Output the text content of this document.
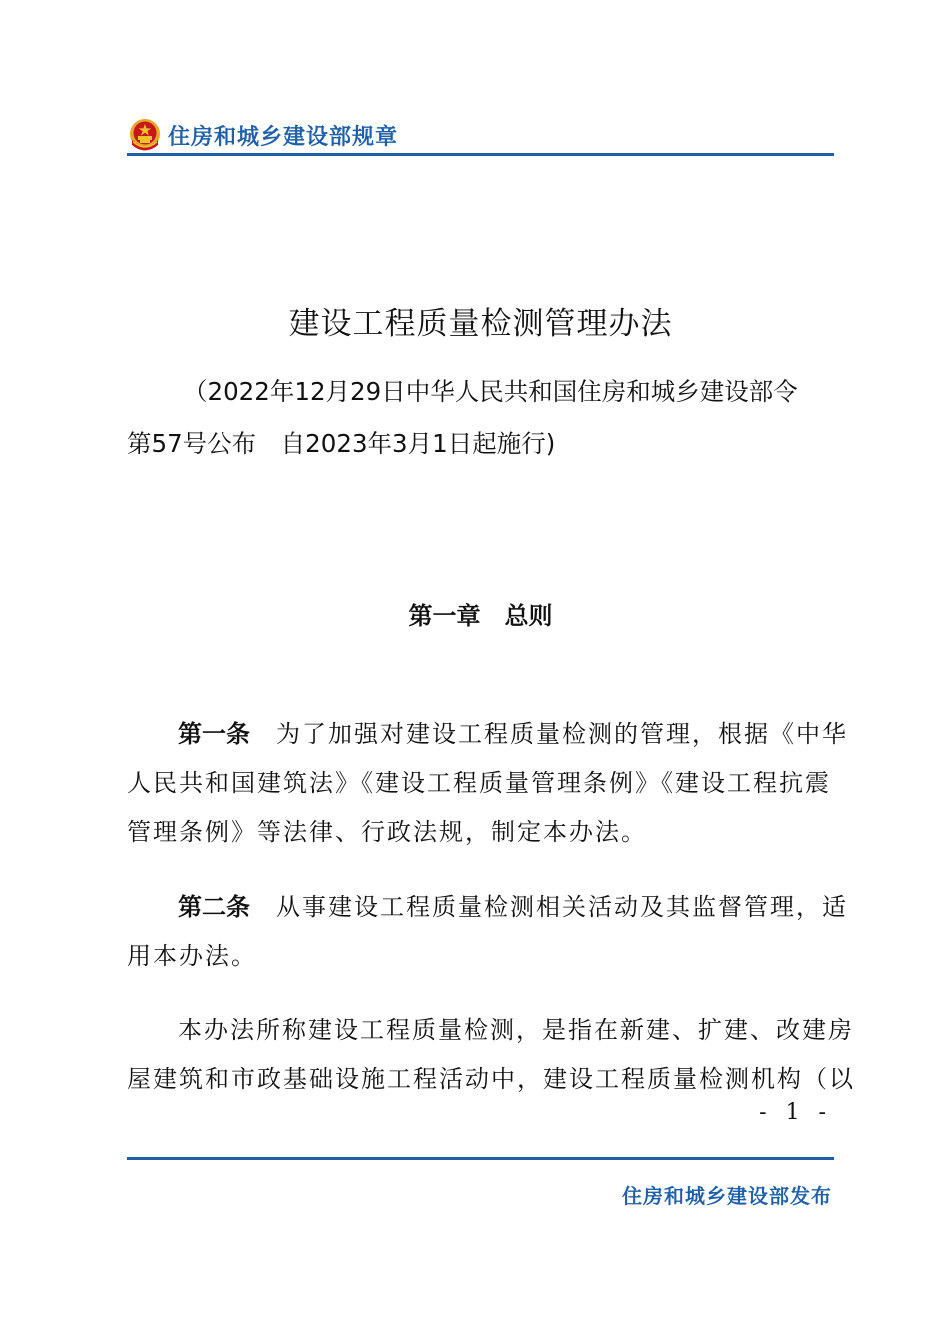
住房和城乡建设部规章
建设工程质量检测管理办法
（2022年12月29日中华人民共和国住房和城乡建设部令
第57号公布　自2023年3月1日起施行)
第一章　总则
第一条 为了加强对建设工程质量检测的管理，根据《中华
人民共和国建筑法》《建设工程质量管理条例》《建设工程抗震
管理条例》等法律、行政法规，制定本办法。
第二条 从事建设工程质量检测相关活动及其监督管理，适
用本办法。
本办法所称建设工程质量检测，是指在新建、扩建、改建房
屋建筑和市政基础设施工程活动中，建设工程质量检测机构（以
- 1 -
住房和城乡建设部发布
